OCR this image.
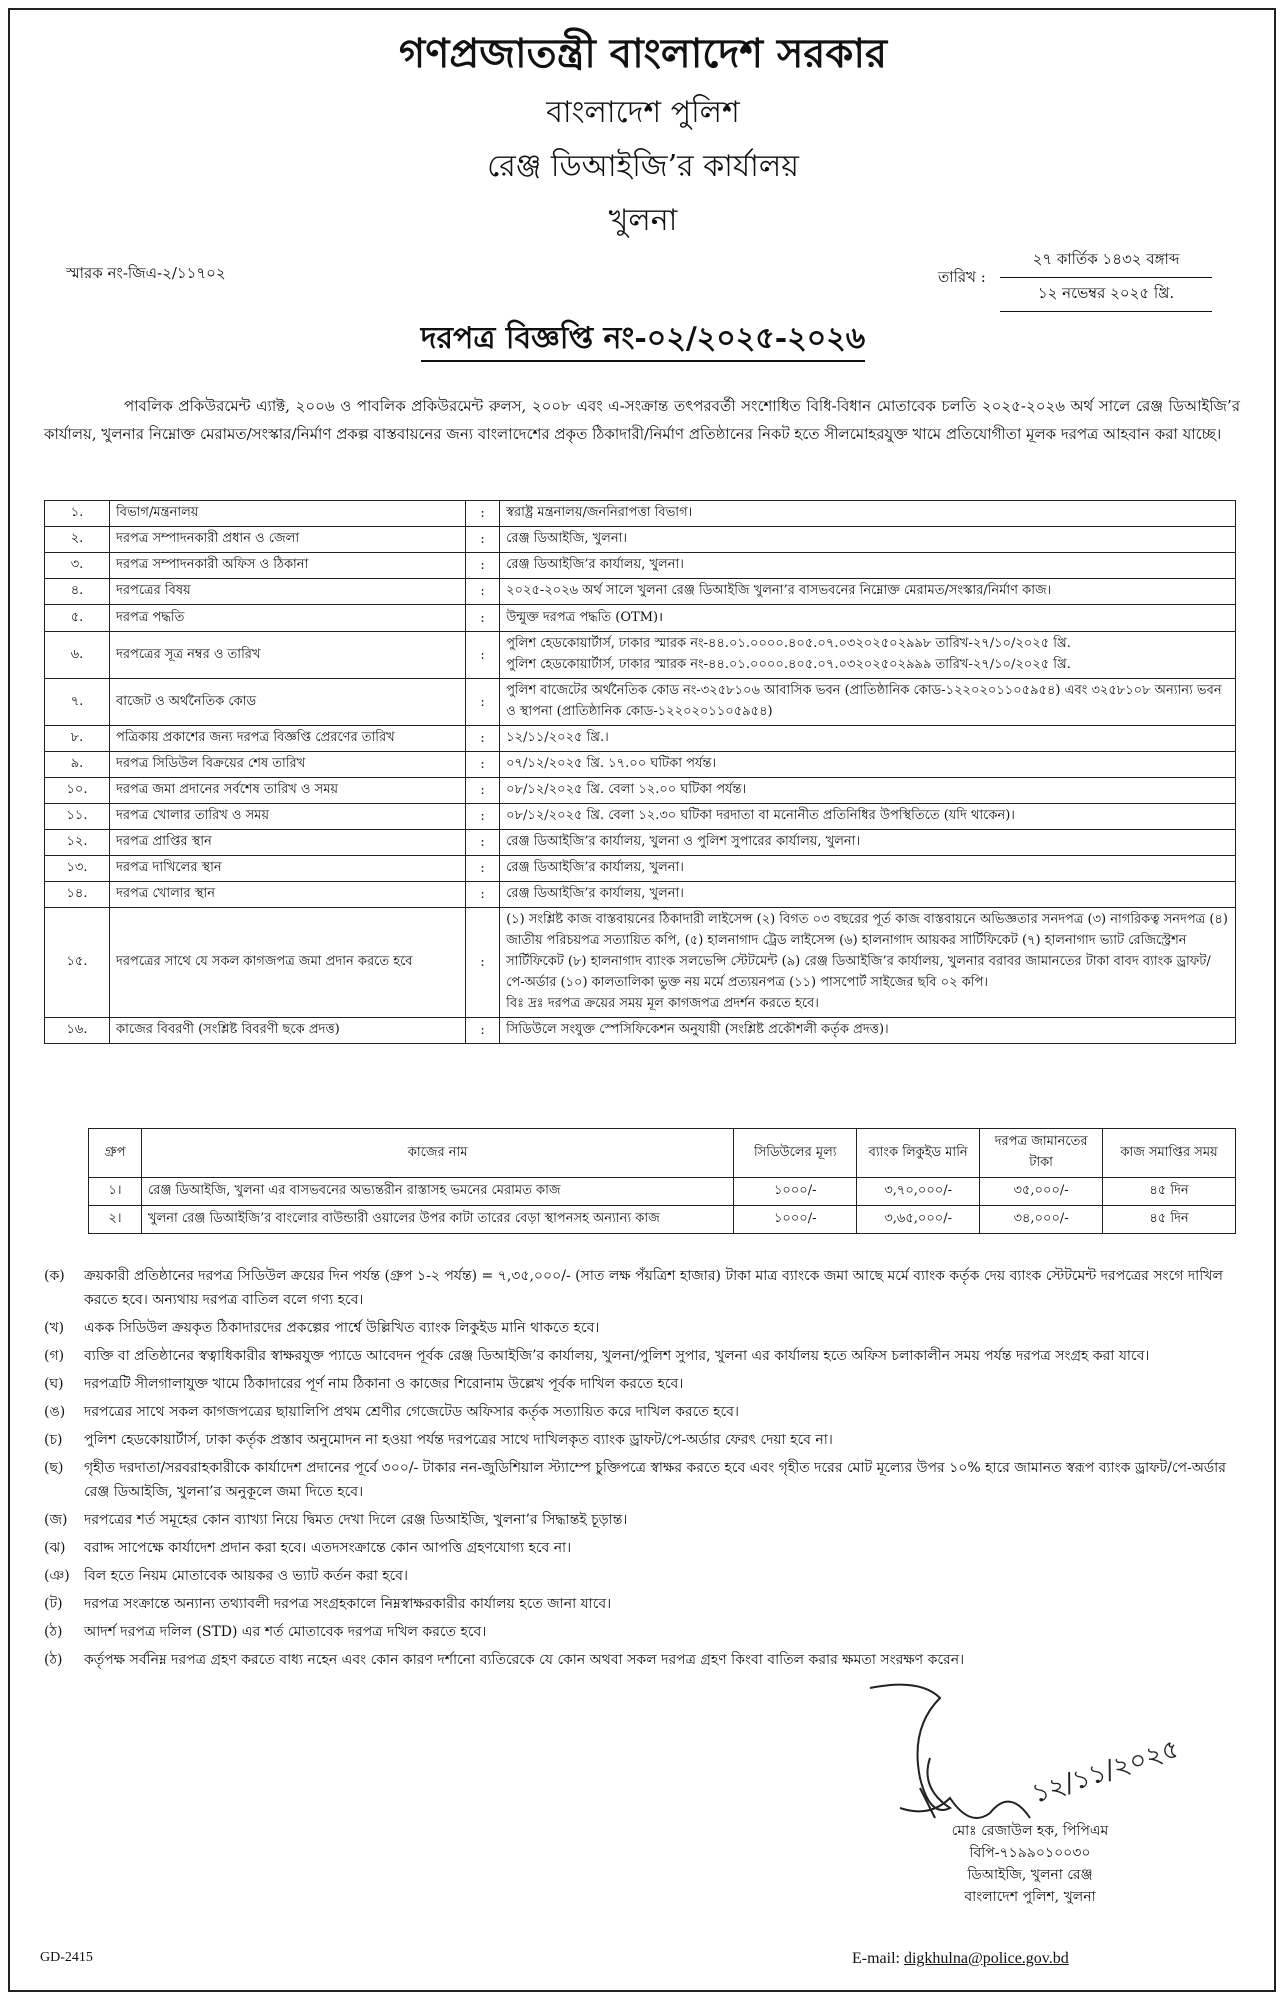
গণপ্রজাতন্ত্রী বাংলাদেশ সরকার
বাংলাদেশ পুলিশ
রেঞ্জ ডিআইজি’র কার্যালয়
খুলনা
স্মারক নং-জিএ-২/১১৭০২	তারিখ :
২৭ কার্তিক ১৪৩২ বঙ্গাব্দ
১২ নভেম্বর ২০২৫ খ্রি.
দরপত্র বিজ্ঞপ্তি নং-০২/২০২৫-২০২৬
পাবলিক প্রকিউরমেন্ট এ্যাক্ট, ২০০৬ ও পাবলিক প্রকিউরমেন্ট রুলস, ২০০৮ এবং এ-সংক্রান্ত তৎপরবর্তী সংশোধিত বিধি-বিধান মোতাবেক চলতি ২০২৫-২০২৬ অর্থ সালে রেঞ্জ ডিআইজি’র কার্যালয়, খুলনার নিম্নোক্ত মেরামত/সংস্কার/নির্মাণ প্রকল্প বাস্তবায়নের জন্য বাংলাদেশের প্রকৃত ঠিকাদারী/নির্মাণ প্রতিষ্ঠানের নিকট হতে সীলমোহরযুক্ত খামে প্রতিযোগীতা মূলক দরপত্র আহবান করা যাচ্ছে।
১.	বিভাগ/মন্ত্রনালয়	:	স্বরাষ্ট্র মন্ত্রনালয়/জননিরাপত্তা বিভাগ।

২.	দরপত্র সম্পাদনকারী প্রধান ও জেলা	:	রেঞ্জ ডিআইজি, খুলনা।

৩.	দরপত্র সম্পাদনকারী অফিস ও ঠিকানা	:	রেঞ্জ ডিআইজি’র কার্যালয়, খুলনা।

৪.	দরপত্রের বিষয়	:	২০২৫-২০২৬ অর্থ সালে খুলনা রেঞ্জ ডিআইজি খুলনা’র বাসভবনের নিম্নোক্ত মেরামত/সংস্কার/নির্মাণ কাজ।

৫.	দরপত্র পদ্ধতি	:	উন্মুক্ত দরপত্র পদ্ধতি (OTM)।

৬.	দরপত্রের সূত্র নম্বর ও তারিখ	:	পুলিশ হেডকোয়ার্টার্স, ঢাকার স্মারক নং-৪৪.০১.০০০০.৪০৫.০৭.০৩২০২৫০২৯৯৮ তারিখ-২৭/১০/২০২৫ খ্রি.
পুলিশ হেডকোয়ার্টার্স, ঢাকার স্মারক নং-৪৪.০১.০০০০.৪০৫.০৭.০৩২০২৫০২৯৯৯ তারিখ-২৭/১০/২০২৫ খ্রি.

৭.	বাজেট ও অর্থনৈতিক কোড	:	পুলিশ বাজেটের অর্থনৈতিক কোড নং-৩২৫৮১০৬ আবাসিক ভবন (প্রাতিষ্ঠানিক কোড-১২২০২০১১০৫৯৫৪) এবং ৩২৫৮১০৮ অন্যান্য ভবন ও স্থাপনা (প্রাতিষ্ঠানিক কোড-১২২০২০১১০৫৯৫৪)

৮.	পত্রিকায় প্রকাশের জন্য দরপত্র বিজ্ঞপ্তি প্রেরণের তারিখ	:	১২/১১/২০২৫ খ্রি.।

৯.	দরপত্র সিডিউল বিক্রয়ের শেষ তারিখ	:	০৭/১২/২০২৫ খ্রি. ১৭.০০ ঘটিকা পর্যন্ত।

১০.	দরপত্র জমা প্রদানের সর্বশেষ তারিখ ও সময়	:	০৮/১২/২০২৫ খ্রি. বেলা ১২.০০ ঘটিকা পর্যন্ত।

১১.	দরপত্র খোলার তারিখ ও সময়	:	০৮/১২/২০২৫ খ্রি. বেলা ১২.৩০ ঘটিকা দরদাতা বা মনোনীত প্রতিনিধির উপস্থিতিতে (যদি থাকেন)।

১২.	দরপত্র প্রাপ্তির স্থান	:	রেঞ্জ ডিআইজি’র কার্যালয়, খুলনা ও পুলিশ সুপারের কার্যালয়, খুলনা।

১৩.	দরপত্র দাখিলের স্থান	:	রেঞ্জ ডিআইজি’র কার্যালয়, খুলনা।

১৪.	দরপত্র খোলার স্থান	:	রেঞ্জ ডিআইজি’র কার্যালয়, খুলনা।

১৫.	দরপত্রের সাথে যে সকল কাগজপত্র জমা প্রদান করতে হবে	:	(১) সংশ্লিষ্ট কাজ বাস্তবায়নের ঠিকাদারী লাইসেন্স (২) বিগত ০৩ বছরের পূর্ত কাজ বাস্তবায়নে অভিজ্ঞতার সনদপত্র (৩) নাগরিকত্ব সনদপত্র (৪) জাতীয় পরিচয়পত্র সত্যায়িত কপি, (৫) হালনাগাদ ট্রেড লাইসেন্স (৬) হালনাগাদ আয়কর সার্টিফিকেট (৭) হালনাগাদ ভ্যাট রেজিস্ট্রেশন সার্টিফিকেট (৮) হালনাগাদ ব্যাংক সলভেন্সি স্টেটমেন্ট (৯) রেঞ্জ ডিআইজি’র কার্যালয়, খুলনার বরাবর জামানতের টাকা বাবদ ব্যাংক ড্রাফট/পে-অর্ডার (১০) কালতালিকা ভুক্ত নয় মর্মে প্রত্যয়নপত্র (১১) পাসপোর্ট সাইজের ছবি ০২ কপি।
বিঃ দ্রঃ দরপত্র ক্রয়ের সময় মূল কাগজপত্র প্রদর্শন করতে হবে।

১৬.	কাজের বিবরণী (সংশ্লিষ্ট বিবরণী ছকে প্রদত্ত)	:	সিডিউলে সংযুক্ত স্পেসিফিকেশন অনুযায়ী (সংশ্লিষ্ট প্রকৌশলী কর্তৃক প্রদত্ত)।
গ্রুপ	কাজের নাম	সিডিউলের মূল্য	ব্যাংক লিকুইড মানি	দরপত্র জামানতের টাকা	কাজ সমাপ্তির সময়
১।	রেঞ্জ ডিআইজি, খুলনা এর বাসভবনের অভ্যন্তরীন রাস্তাসহ ভমনের মেরামত কাজ	১০০০/-	৩,৭০,০০০/-	৩৫,০০০/-	৪৫ দিন
২।	খুলনা রেঞ্জ ডিআইজি’র বাংলোর বাউন্ডারী ওয়ালের উপর কাটা তারের বেড়া স্থাপনসহ অন্যান্য কাজ	১০০০/-	৩,৬৫,০০০/-	৩৪,০০০/-	৪৫ দিন
(ক)	ক্রয়কারী প্রতিষ্ঠানের দরপত্র সিডিউল ক্রয়ের দিন পর্যন্ত (গ্রুপ ১-২ পর্যন্ত) = ৭,৩৫,০০০/- (সাত লক্ষ পঁয়ত্রিশ হাজার) টাকা মাত্র ব্যাংকে জমা আছে মর্মে ব্যাংক কর্তৃক দেয় ব্যাংক স্টেটমেন্ট দরপত্রের সংগে দাখিল করতে হবে। অন্যথায় দরপত্র বাতিল বলে গণ্য হবে।
(খ)	একক সিডিউল ক্রয়কৃত ঠিকাদারদের প্রকল্পের পার্শ্বে উল্লিখিত ব্যাংক লিকুইড মানি থাকতে হবে।
(গ)	ব্যক্তি বা প্রতিষ্ঠানের স্বত্বাধিকারীর স্বাক্ষরযুক্ত প্যাডে আবেদন পূর্বক রেঞ্জ ডিআইজি’র কার্যালয়, খুলনা/পুলিশ সুপার, খুলনা এর কার্যালয় হতে অফিস চলাকালীন সময় পর্যন্ত দরপত্র সংগ্রহ করা যাবে।
(ঘ)	দরপত্রটি সীলগালাযুক্ত খামে ঠিকাদারের পূর্ণ নাম ঠিকানা ও কাজের শিরোনাম উল্লেখ পূর্বক দাখিল করতে হবে।
(ঙ)	দরপত্রের সাথে সকল কাগজপত্রের ছায়ালিপি প্রথম শ্রেণীর গেজেটেড অফিসার কর্তৃক সত্যায়িত করে দাখিল করতে হবে।
(চ)	পুলিশ হেডকোয়ার্টার্স, ঢাকা কর্তৃক প্রস্তাব অনুমোদন না হওয়া পর্যন্ত দরপত্রের সাথে দাখিলকৃত ব্যাংক ড্রাফট/পে-অর্ডার ফেরৎ দেয়া হবে না।
(ছ)	গৃহীত দরদাতা/সরবরাহকারীকে কার্যাদেশ প্রদানের পূর্বে ৩০০/- টাকার নন-জুডিশিয়াল স্ট্যাম্পে চুক্তিপত্রে স্বাক্ষর করতে হবে এবং গৃহীত দরের মোট মূল্যের উপর ১০% হারে জামানত স্বরূপ ব্যাংক ড্রাফট/পে-অর্ডার রেঞ্জ ডিআইজি, খুলনা’র অনুকূলে জমা দিতে হবে।
(জ)	দরপত্রের শর্ত সমূহের কোন ব্যাখ্যা নিয়ে দ্বিমত দেখা দিলে রেঞ্জ ডিআইজি, খুলনা’র সিদ্ধান্তই চূড়ান্ত।
(ঝ)	বরাদ্দ সাপেক্ষে কার্যাদেশ প্রদান করা হবে। এতদসংক্রান্তে কোন আপত্তি গ্রহণযোগ্য হবে না।
(ঞ)	বিল হতে নিয়ম মোতাবেক আয়কর ও ভ্যাট কর্তন করা হবে।
(ট)	দরপত্র সংক্রান্তে অন্যান্য তথ্যাবলী দরপত্র সংগ্রহকালে নিম্নস্বাক্ষরকারীর কার্যালয় হতে জানা যাবে।
(ঠ)	আদর্শ দরপত্র দলিল (STD) এর শর্ত মোতাবেক দরপত্র দখিল করতে হবে।
(ঠ)	কর্তৃপক্ষ সর্বনিম্ন দরপত্র গ্রহণ করতে বাধ্য নহেন এবং কোন কারণ দর্শানো ব্যতিরেকে যে কোন অথবা সকল দরপত্র গ্রহণ কিংবা বাতিল করার ক্ষমতা সংরক্ষণ করেন।
১২/১১/২০২৫
মোঃ রেজাউল হক, পিপিএম
বিপি-৭১৯৯০১০০৩০
ডিআইজি, খুলনা রেঞ্জ
বাংলাদেশ পুলিশ, খুলনা
GD-2415	E-mail: digkhulna@police.gov.bd
